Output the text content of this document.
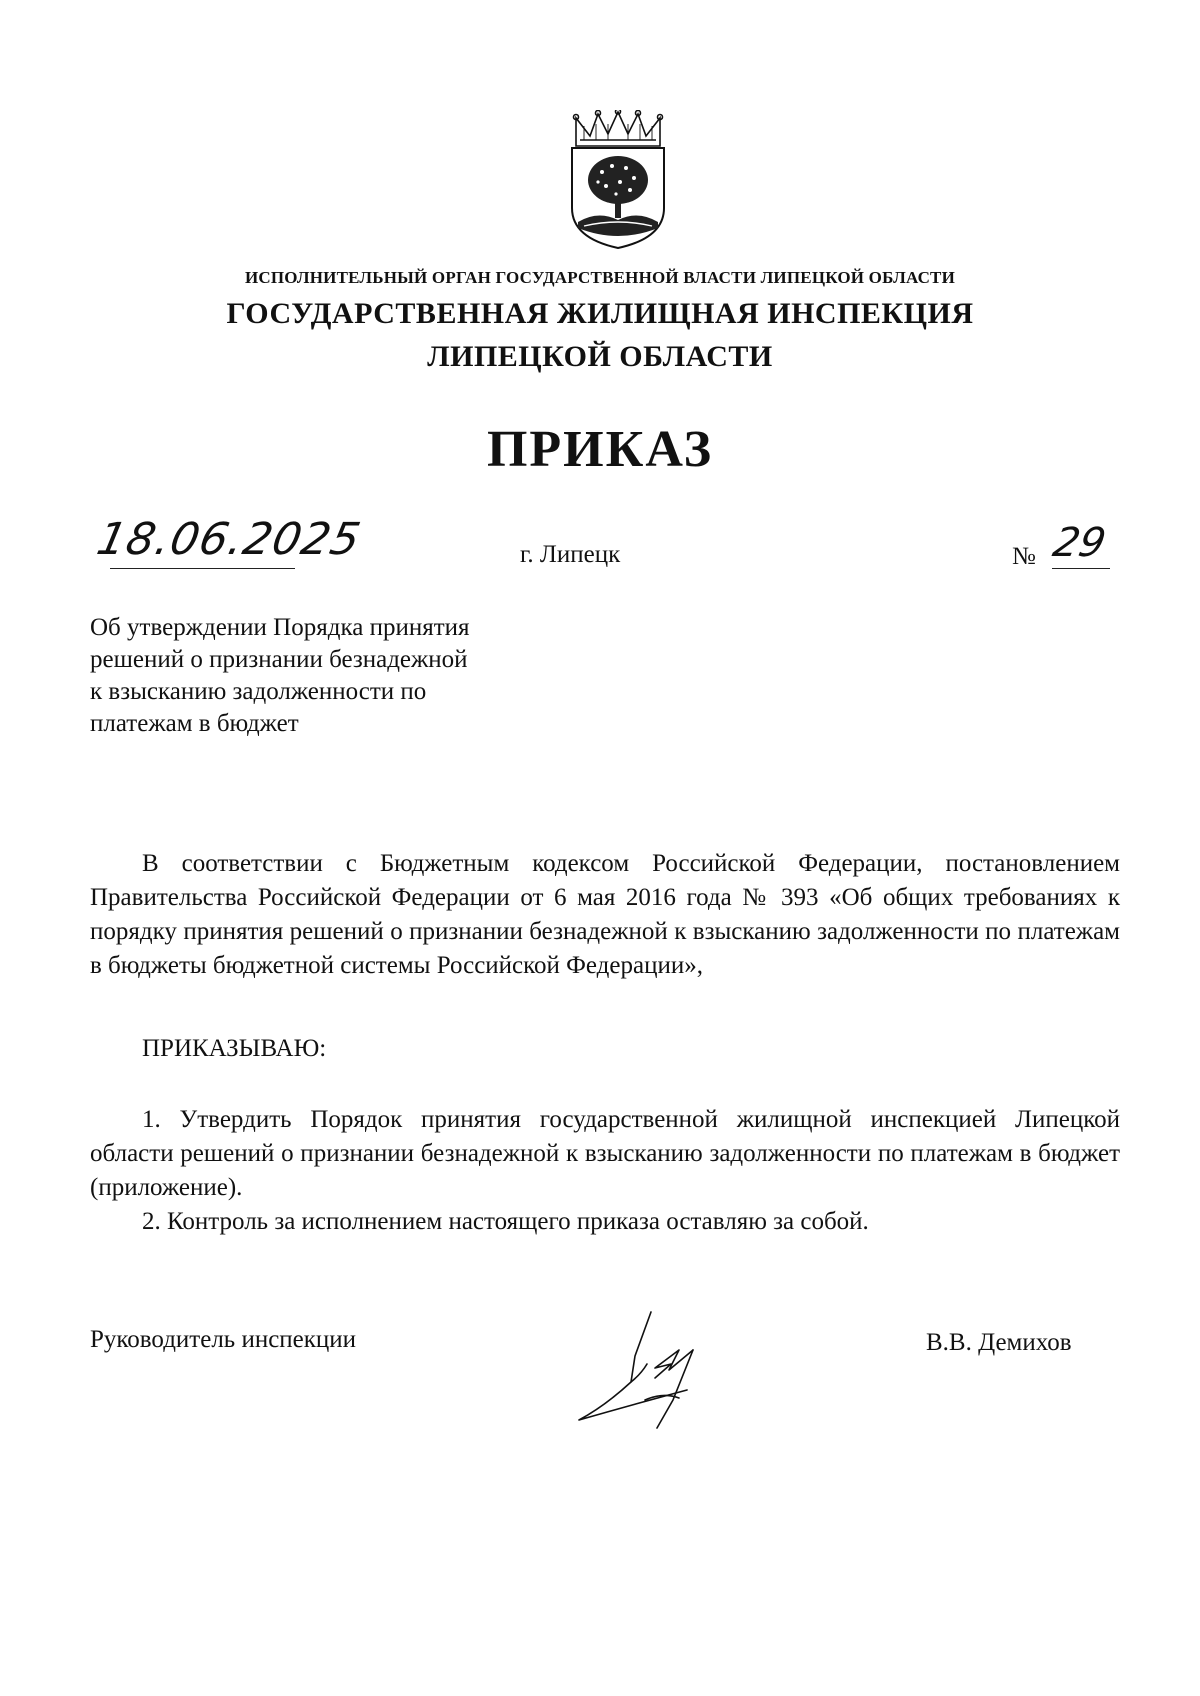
ИСПОЛНИТЕЛЬНЫЙ ОРГАН ГОСУДАРСТВЕННОЙ ВЛАСТИ ЛИПЕЦКОЙ ОБЛАСТИ
ГОСУДАРСТВЕННАЯ ЖИЛИЩНАЯ ИНСПЕКЦИЯ
ЛИПЕЦКОЙ ОБЛАСТИ
ПРИКАЗ
18.06.2025	г. Липецк	№ 29
Об утверждении Порядка принятия
решений о признании безнадежной
к взысканию задолженности по
платежам в бюджет
В соответствии с Бюджетным кодексом Российской Федерации, постановлением Правительства Российской Федерации от 6 мая 2016 года № 393 «Об общих требованиях к порядку принятия решений о признании безнадежной к взысканию задолженности по платежам в бюджеты бюджетной системы Российской Федерации»,
ПРИКАЗЫВАЮ:
1. Утвердить Порядок принятия государственной жилищной инспекцией Липецкой области решений о признании безнадежной к взысканию задолженности по платежам в бюджет (приложение).
2. Контроль за исполнением настоящего приказа оставляю за собой.
Руководитель инспекции	В.В. Демихов
